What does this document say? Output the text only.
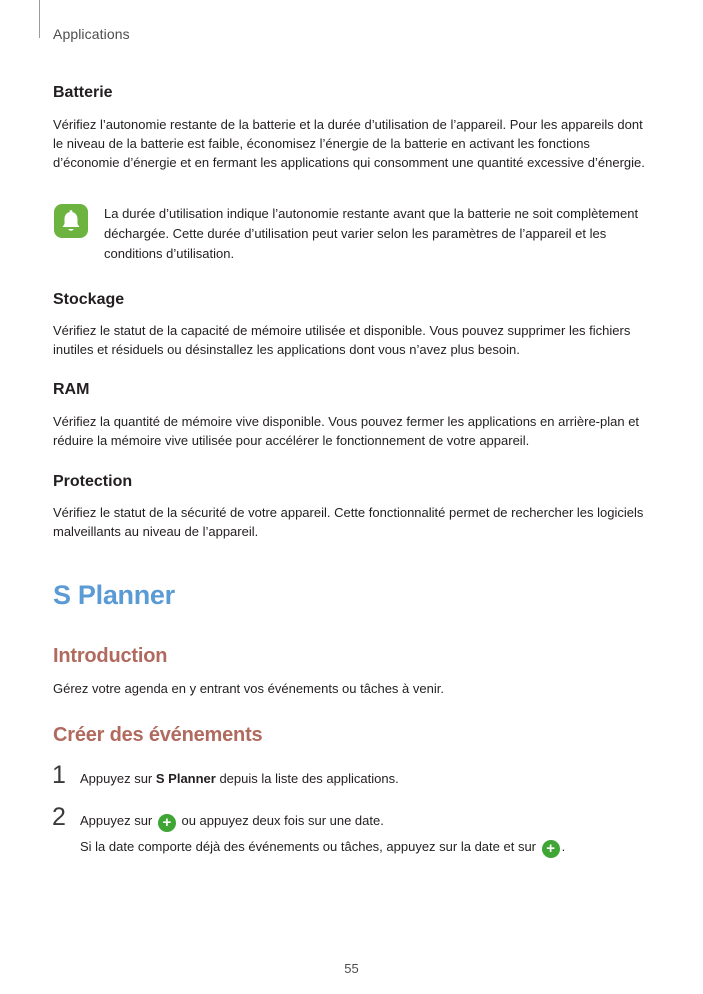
Applications
Batterie
Vérifiez l’autonomie restante de la batterie et la durée d’utilisation de l’appareil. Pour les appareils dont le niveau de la batterie est faible, économisez l’énergie de la batterie en activant les fonctions d’économie d’énergie et en fermant les applications qui consomment une quantité excessive d’énergie.
La durée d’utilisation indique l’autonomie restante avant que la batterie ne soit complètement déchargée. Cette durée d’utilisation peut varier selon les paramètres de l’appareil et les conditions d’utilisation.
Stockage
Vérifiez le statut de la capacité de mémoire utilisée et disponible. Vous pouvez supprimer les fichiers inutiles et résiduels ou désinstallez les applications dont vous n’avez plus besoin.
RAM
Vérifiez la quantité de mémoire vive disponible. Vous pouvez fermer les applications en arrière-plan et réduire la mémoire vive utilisée pour accélérer le fonctionnement de votre appareil.
Protection
Vérifiez le statut de la sécurité de votre appareil. Cette fonctionnalité permet de rechercher les logiciels malveillants au niveau de l’appareil.
S Planner
Introduction
Gérez votre agenda en y entrant vos événements ou tâches à venir.
Créer des événements
1 Appuyez sur S Planner depuis la liste des applications.
2 Appuyez sur + ou appuyez deux fois sur une date.
Si la date comporte déjà des événements ou tâches, appuyez sur la date et sur + .
55
